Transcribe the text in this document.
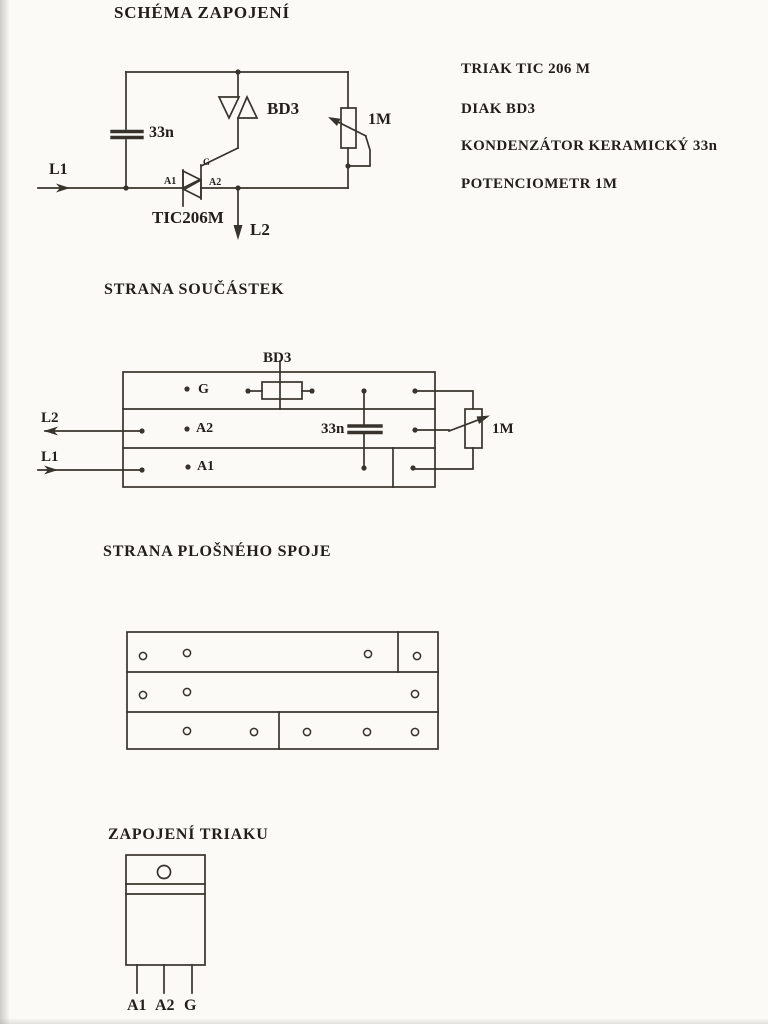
SCHÉMA ZAPOJENÍ
STRANA SOUČÁSTEK
STRANA PLOŠNÉHO SPOJE
ZAPOJENÍ TRIAKU
TRIAK TIC 206 M
DIAK BD3
KONDENZÁTOR KERAMICKÝ 33n
POTENCIOMETR 1M
33n
BD3
1M
L1	G
A1	A2
TIC206M
L2
BD3
G
L2
A2	33n	1M
L1
A1
A1 A2 G
